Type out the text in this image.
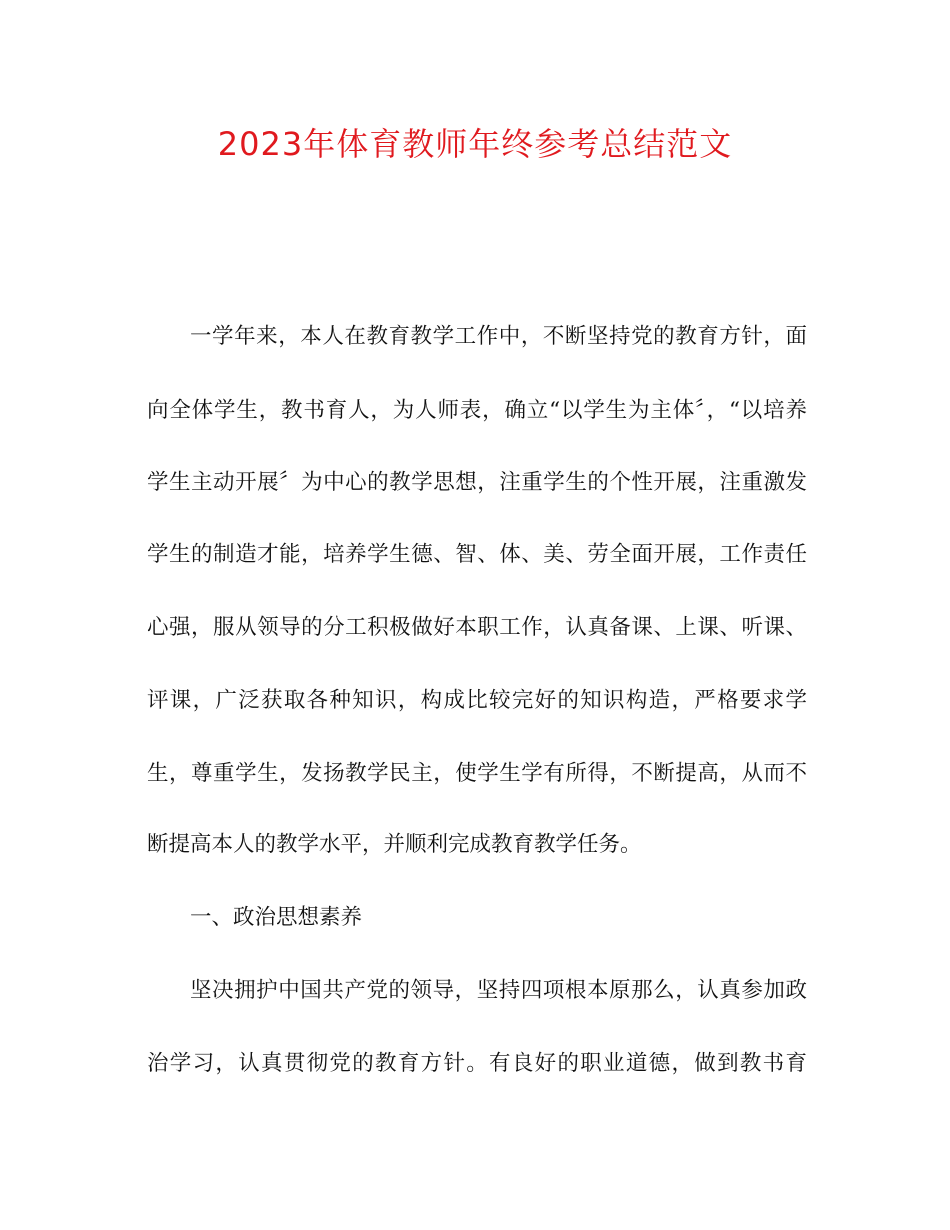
2023年体育教师年终参考总结范文
一学年来，本人在教育教学工作中，不断坚持党的教育方针，面
向全体学生，教书育人，为人师表，确立“以学生为主体〞，“以培养
学生主动开展〞为中心的教学思想，注重学生的个性开展，注重激发
学生的制造才能，培养学生德、智、体、美、劳全面开展，工作责任
心强，服从领导的分工积极做好本职工作，认真备课、上课、听课、
评课，广泛获取各种知识，构成比较完好的知识构造，严格要求学
生，尊重学生，发扬教学民主，使学生学有所得，不断提高，从而不
断提高本人的教学水平，并顺利完成教育教学任务。
一、政治思想素养
坚决拥护中国共产党的领导，坚持四项根本原那么，认真参加政
治学习，认真贯彻党的教育方针。有良好的职业道德，做到教书育
